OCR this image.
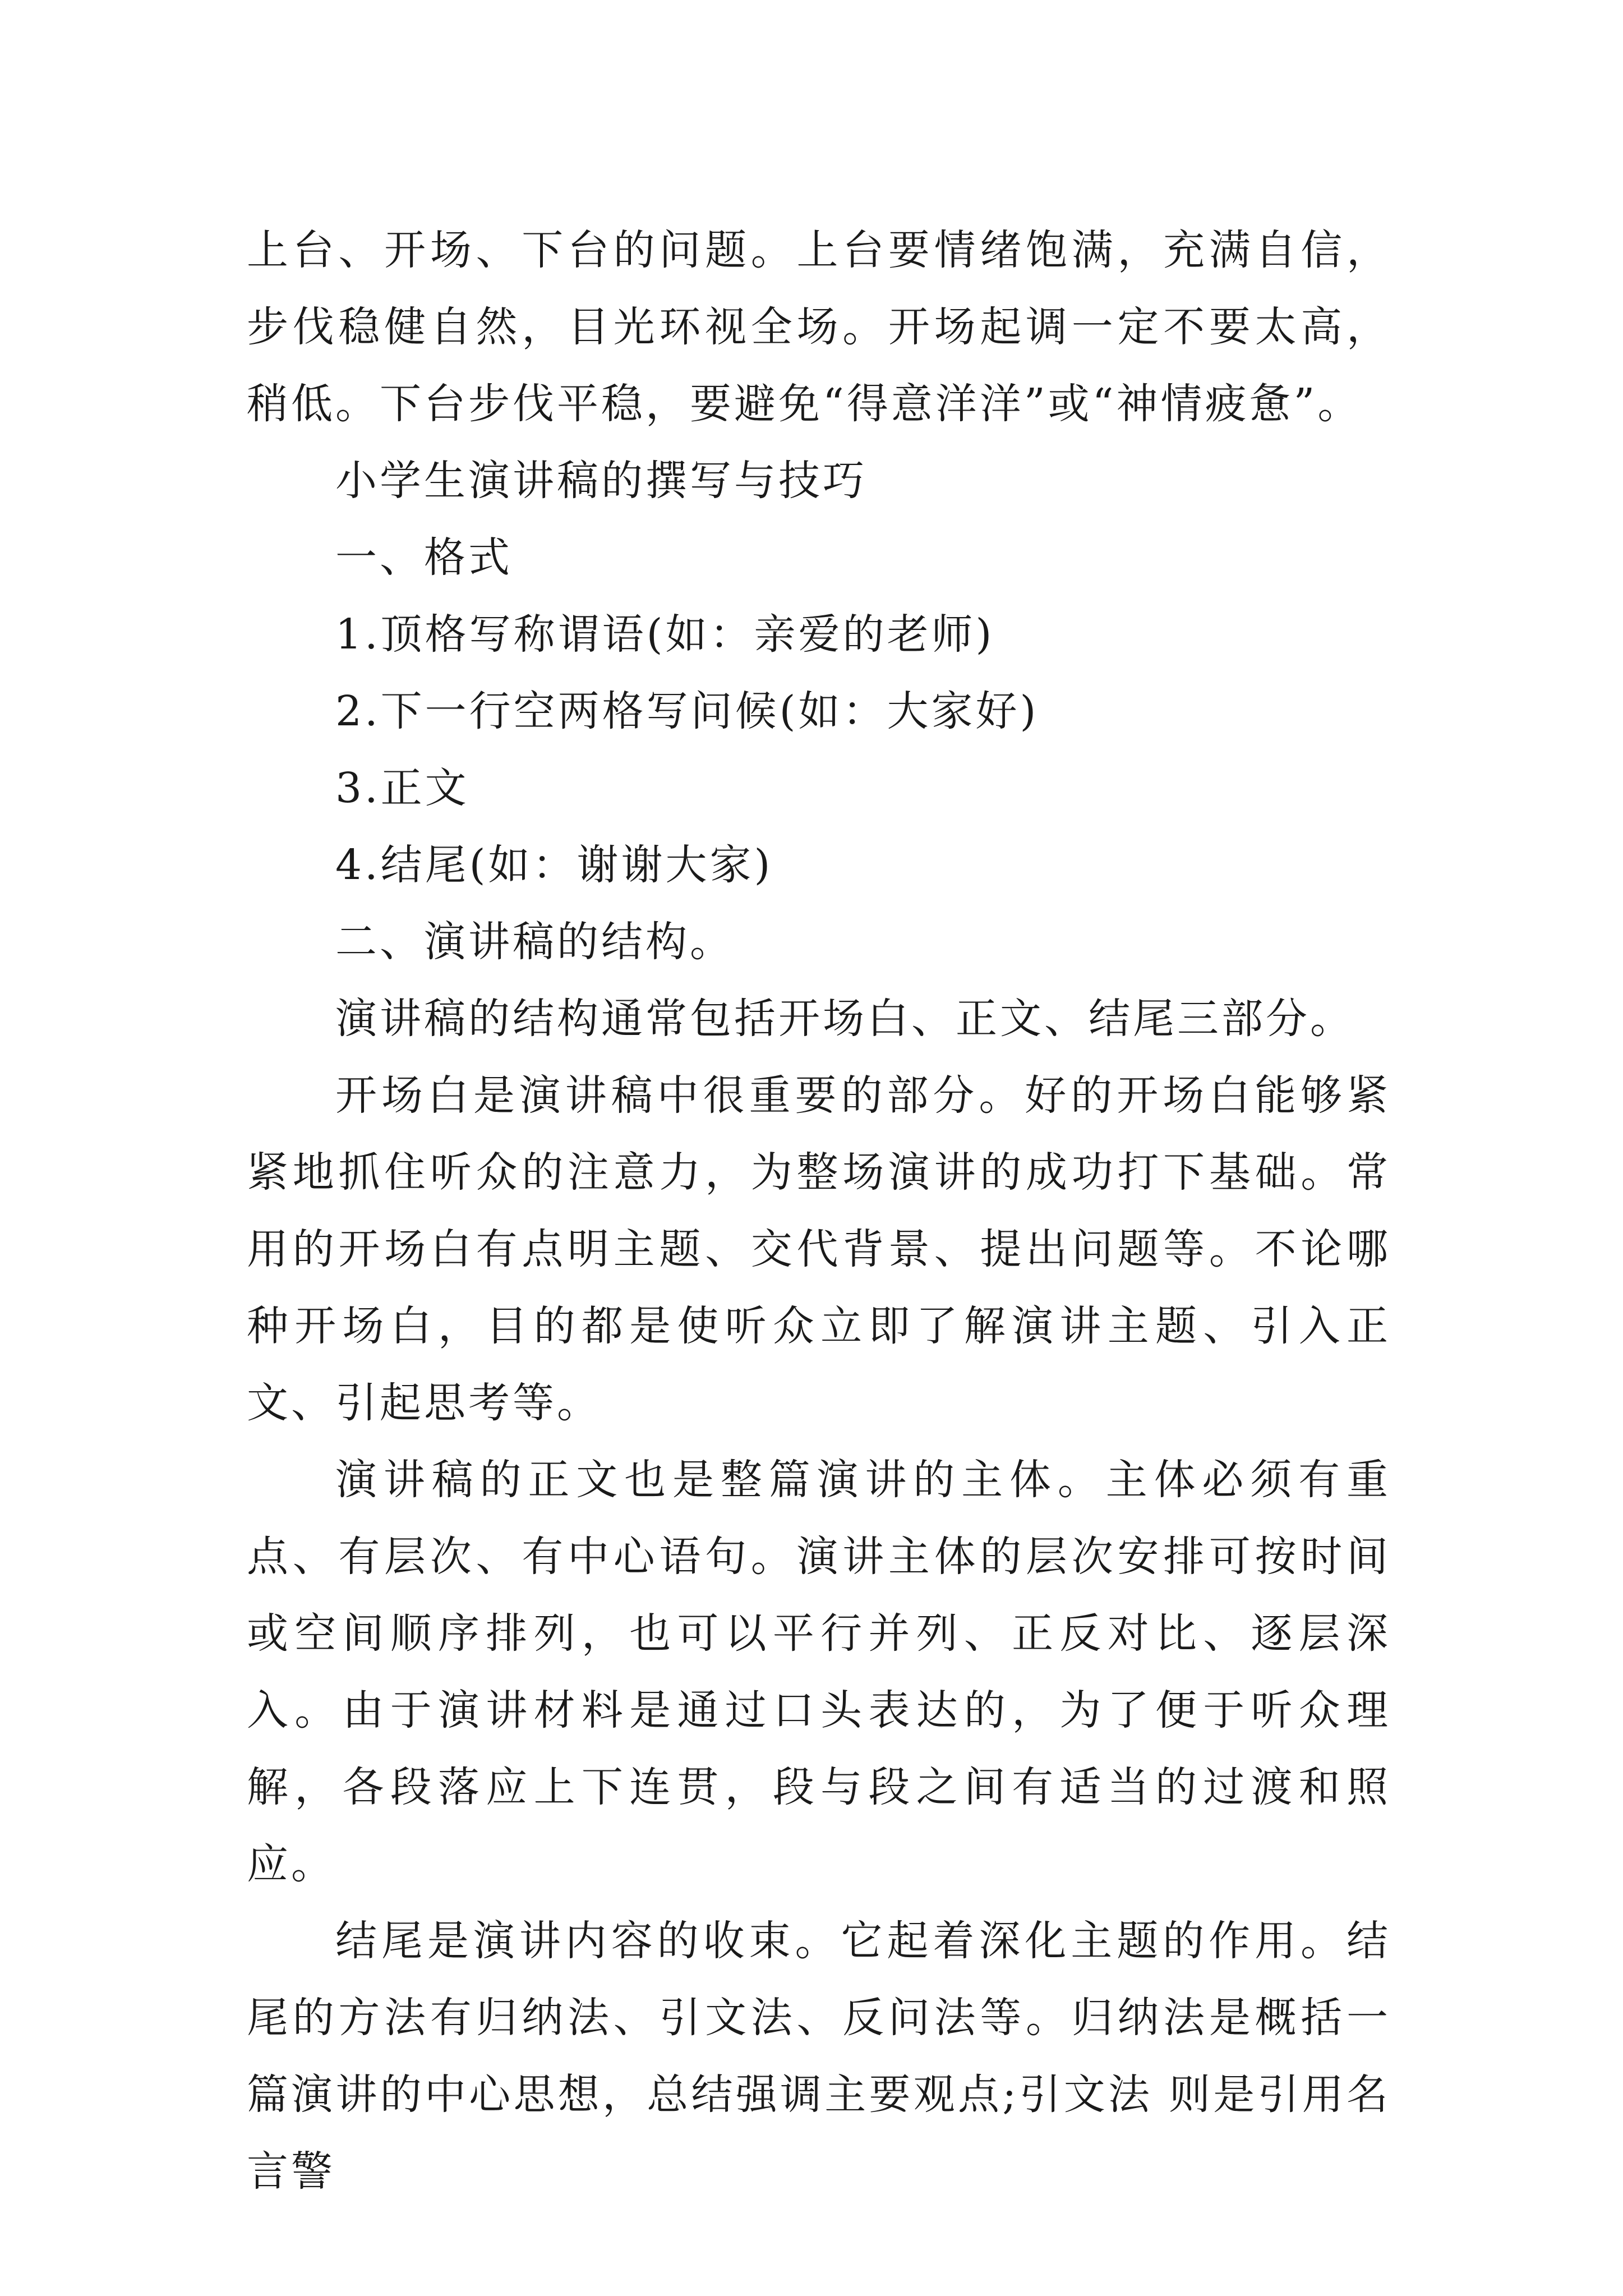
上台、开场、下台的问题。上台要情绪饱满，充满自信，步伐稳健自然，目光环视全场。开场起调一定不要太高，稍低。下台步伐平稳，要避免“得意洋洋”或“神情疲惫”。

小学生演讲稿的撰写与技巧

一、格式

1.顶格写称谓语(如：亲爱的老师)

2.下一行空两格写问候(如：大家好)

3.正文

4.结尾(如：谢谢大家)

二、演讲稿的结构。

演讲稿的结构通常包括开场白、正文、结尾三部分。

开场白是演讲稿中很重要的部分。好的开场白能够紧紧地抓住听众的注意力，为整场演讲的成功打下基础。常用的开场白有点明主题、交代背景、提出问题等。不论哪种开场白，目的都是使听众立即了解演讲主题、引入正文、引起思考等。

演讲稿的正文也是整篇演讲的主体。主体必须有重点、有层次、有中心语句。演讲主体的层次安排可按时间或空间顺序排列，也可以平行并列、正反对比、逐层深入。由于演讲材料是通过口头表达的，为了便于听众理解，各段落应上下连贯，段与段之间有适当的过渡和照应。

结尾是演讲内容的收束。它起着深化主题的作用。结尾的方法有归纳法、引文法、反问法等。归纳法是概括一篇演讲的中心思想，总结强调主要观点;引文法 则是引用名言警
